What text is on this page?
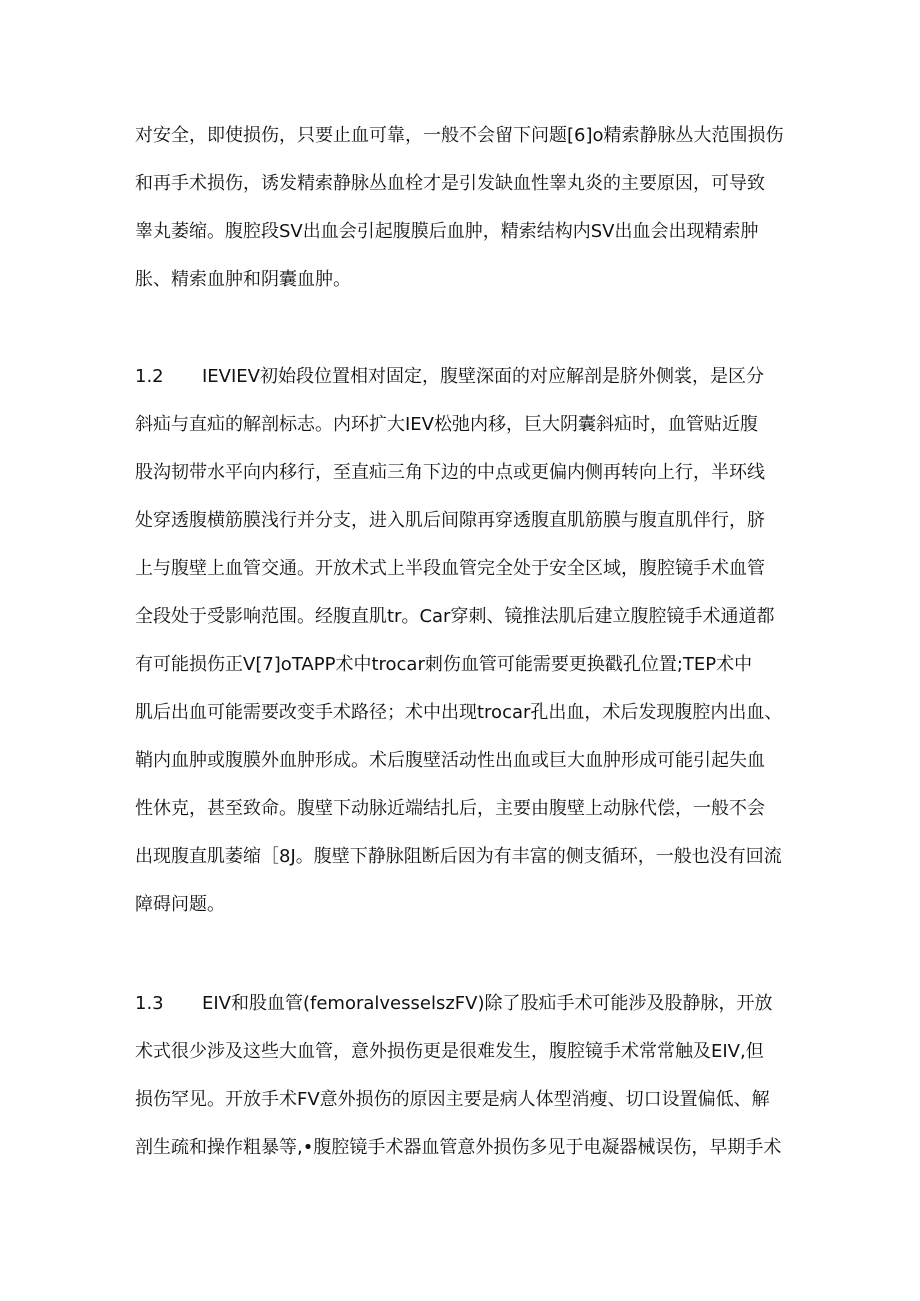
对安全，即使损伤，只要止血可靠，一般不会留下问题[6]o精索静脉丛大范围损伤
和再手术损伤，诱发精索静脉丛血栓才是引发缺血性睾丸炎的主要原因，可导致
睾丸萎缩。腹腔段SV出血会引起腹膜后血肿，精索结构内SV出血会出现精索肿
胀、精索血肿和阴囊血肿。
1.2 IEVIEV初始段位置相对固定，腹壁深面的对应解剖是脐外侧裳，是区分
斜疝与直疝的解剖标志。内环扩大IEV松弛内移，巨大阴囊斜疝时，血管贴近腹
股沟韧带水平向内移行，至直疝三角下边的中点或更偏内侧再转向上行，半环线
处穿透腹横筋膜浅行并分支，进入肌后间隙再穿透腹直肌筋膜与腹直肌伴行，脐
上与腹壁上血管交通。开放术式上半段血管完全处于安全区域，腹腔镜手术血管
全段处于受影响范围。经腹直肌tr。Car穿刺、镜推法肌后建立腹腔镜手术通道都
有可能损伤正V[7]oTAPP术中trocar刺伤血管可能需要更换戳孔位置;TEP术中
肌后出血可能需要改变手术路径；术中出现trocar孔出血，术后发现腹腔内出血、
鞘内血肿或腹膜外血肿形成。术后腹壁活动性出血或巨大血肿形成可能引起失血
性休克，甚至致命。腹壁下动脉近端结扎后，主要由腹壁上动脉代偿，一般不会
出现腹直肌萎缩［8J。腹壁下静脉阻断后因为有丰富的侧支循环，一般也没有回流
障碍问题。
1.3 EIV和股血管(femoralvesselszFV)除了股疝手术可能涉及股静脉，开放
术式很少涉及这些大血管，意外损伤更是很难发生，腹腔镜手术常常触及EIV,但
损伤罕见。开放手术FV意外损伤的原因主要是病人体型消瘦、切口设置偏低、解
剖生疏和操作粗暴等,•腹腔镜手术器血管意外损伤多见于电凝器械误伤，早期手术
